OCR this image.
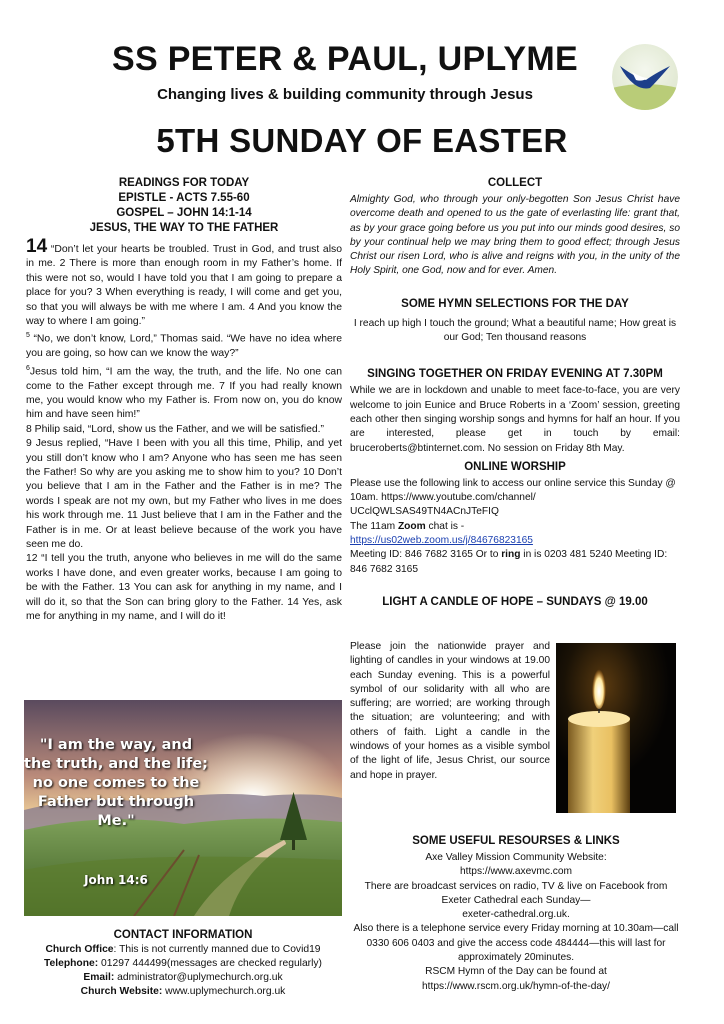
SS PETER & PAUL, UPLYME
Changing lives & building community through Jesus
5TH SUNDAY OF EASTER
READINGS FOR TODAY
EPISTLE - ACTS 7.55-60
GOSPEL – JOHN 14:1-14
JESUS, THE WAY TO THE FATHER

14 “Don’t let your hearts be troubled. Trust in God, and trust also in me. 2 There is more than enough room in my Father’s home. If this were not so, would I have told you that I am going to prepare a place for you? 3 When everything is ready, I will come and get you, so that you will always be with me where I am. 4 And you know the way to where I am going.”

$^5$ “No, we don’t know, Lord,” Thomas said. “We have no idea where you are going, so how can we know the way?”

$^6$Jesus told him, “I am the way, the truth, and the life. No one can come to the Father except through me. 7 If you had really known me, you would know who my Father is. From now on, you do know him and have seen him!”

8 Philip said, “Lord, show us the Father, and we will be satisfied.”

9 Jesus replied, “Have I been with you all this time, Philip, and yet you still don’t know who I am? Anyone who has seen me has seen the Father! So why are you asking me to show him to you? 10 Don’t you believe that I am in the Father and the Father is in me? The words I speak are not my own, but my Father who lives in me does his work through me. 11 Just believe that I am in the Father and the Father is in me. Or at least believe because of the work you have seen me do.

12 “I tell you the truth, anyone who believes in me will do the same works I have done, and even greater works, because I am going to be with the Father. 13 You can ask for anything in my name, and I will do it, so that the Son can bring glory to the Father. 14 Yes, ask me for anything in my name, and I will do it!

"I am the way, and the truth, and the life; no one comes to the Father but through Me."
John 14:6
CONTACT INFORMATION
Church Office: This is not currently manned due to Covid19
Telephone: 01297 444499(messages are checked regularly)
Email: administrator@uplymechurch.org.uk
Church Website: www.uplymechurch.org.uk
COLLECT
Almighty God, who through your only-begotten Son Jesus Christ have overcome death and opened to us the gate of everlasting life: grant that, as by your grace going before us you put into our minds good desires, so by your continual help we may bring them to good effect; through Jesus Christ our risen Lord, who is alive and reigns with you, in the unity of the Holy Spirit, one God, now and for ever. Amen.
SOME HYMN SELECTIONS FOR THE DAY
I reach up high I touch the ground; What a beautiful name; How great is our God; Ten thousand reasons
SINGING TOGETHER ON FRIDAY EVENING AT 7.30PM
While we are in lockdown and unable to meet face-to-face, you are very welcome to join Eunice and Bruce Roberts in a ‘Zoom’ session, greeting each other then singing worship songs and hymns for half an hour. If you are interested, please get in touch by email: bruceroberts@btinternet.com. No session on Friday 8th May.
ONLINE WORSHIP
Please use the following link to access our online service this Sunday @ 10am. https://www.youtube.com/channel/ UCclQWLSAS49TN4ACnJTeFIQ
The 11am Zoom chat is -
https://us02web.zoom.us/j/84676823165
Meeting ID: 846 7682 3165 Or to ring in is 0203 481 5240 Meeting ID: 846 7682 3165
LIGHT A CANDLE OF HOPE – SUNDAYS @ 19.00
Please join the nationwide prayer and lighting of candles in your windows at 19.00 each Sunday evening. This is a powerful symbol of our solidarity with all who are suffering; are worried; are working through the situation; are volunteering; and with others of faith. Light a candle in the windows of your homes as a visible symbol of the light of life, Jesus Christ, our source and hope in prayer.
SOME USEFUL RESOURSES & LINKS
Axe Valley Mission Community Website:
https://www.axevmc.com
There are broadcast services on radio, TV & live on Facebook from Exeter Cathedral each Sunday—
exeter-cathedral.org.uk.
Also there is a telephone service every Friday morning at 10.30am—call 0330 606 0403 and give the access code 484444—this will last for approximately 20minutes.
RSCM Hymn of the Day can be found at
https://www.rscm.org.uk/hymn-of-the-day/
